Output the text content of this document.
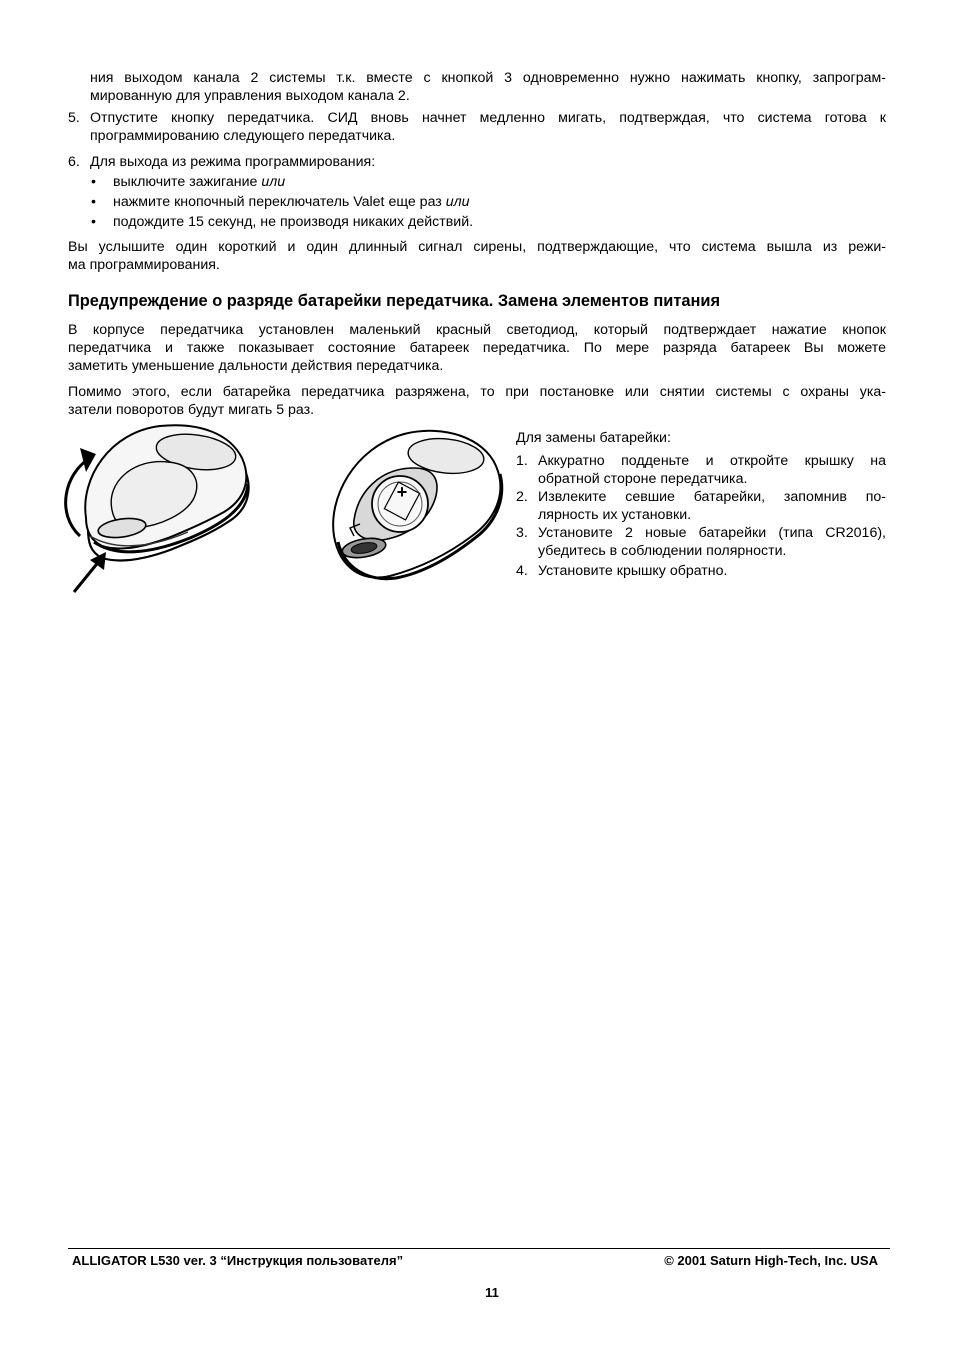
ния выходом канала 2 системы т.к. вместе с кнопкой 3 одновременно нужно нажимать кнопку, запрограм-

мированную для управления выходом канала 2.

5. Отпустите кнопку передатчика. СИД вновь начнет медленно мигать, подтверждая, что система готова к

программированию следующего передатчика.

6. Для выхода из режима программирования:

• выключите зажигание или

• нажмите кнопочный переключатель Valet еще раз или

• подождите 15 секунд, не производя никаких действий.

Вы услышите один короткий и один длинный сигнал сирены, подтверждающие, что система вышла из режи-

ма программирования.

Предупреждение о разряде батарейки передатчика. Замена элементов питания

В корпусе передатчика установлен маленький красный светодиод, который подтверждает нажатие кнопок

передатчика и также показывает состояние батареек передатчика. По мере разряда батареек Вы можете

заметить уменьшение дальности действия передатчика.

Помимо этого, если батарейка передатчика разряжена, то при постановке или снятии системы с охраны ука-

затели поворотов будут мигать 5 раз.

+

Для замены батарейки:

1. Аккуратно подденьте и откройте крышку на

обратной стороне передатчика.

2. Извлеките севшие батарейки, запомнив по-

лярность их установки.

3. Установите 2 новые батарейки (типа CR2016),

убедитесь в соблюдении полярности.

4. Установите крышку обратно.

ALLIGATOR L530 ver. 3 “Инструкция пользователя”	© 2001 Saturn High-Tech, Inc. USA
11
